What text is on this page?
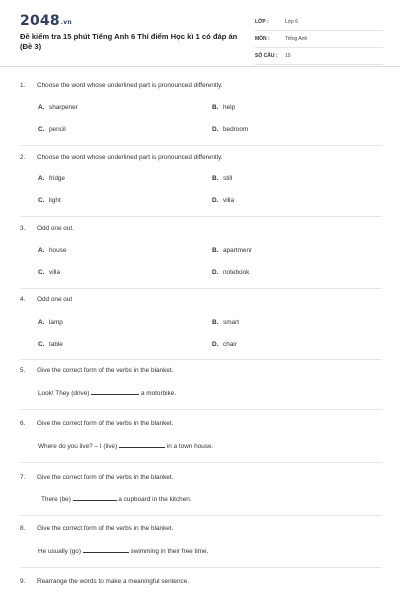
2048.vn
Đề kiểm tra 15 phút Tiếng Anh 6 Thí điểm Học kì 1 có đáp án (Đề 3)
LỚP :	Lớp 6
MÔN :	Tiếng Anh
SỐ CÂU :	10
1. Choose the word whose underlined part is pronounced differently.
A. sharpener	B. help
C. pencil	D. bedroom
2. Choose the word whose underlined part is pronounced differently.
A. fridge	B. still
C. light	D. villa
3. Odd one out.
A. house	B. apartmenr
C. villa	D. notebook
4. Odd one out
A. lamp	B. smart
C. table	D. chair
5. Give the correct form of the verbs in the blanket.
Look! They (drive)	a motorbike.
6. Give the correct form of the verbs in the blanket.
Where do you live? – I (live)	in a town house.
7. Give the correct form of the verbs in the blanket.
There (be)	a cupboard in the kitchen.
8. Give the correct form of the verbs in the blanket.
He usually (go)	swimming in their free time.
9. Rearrange the words to make a meaningful sentence.
